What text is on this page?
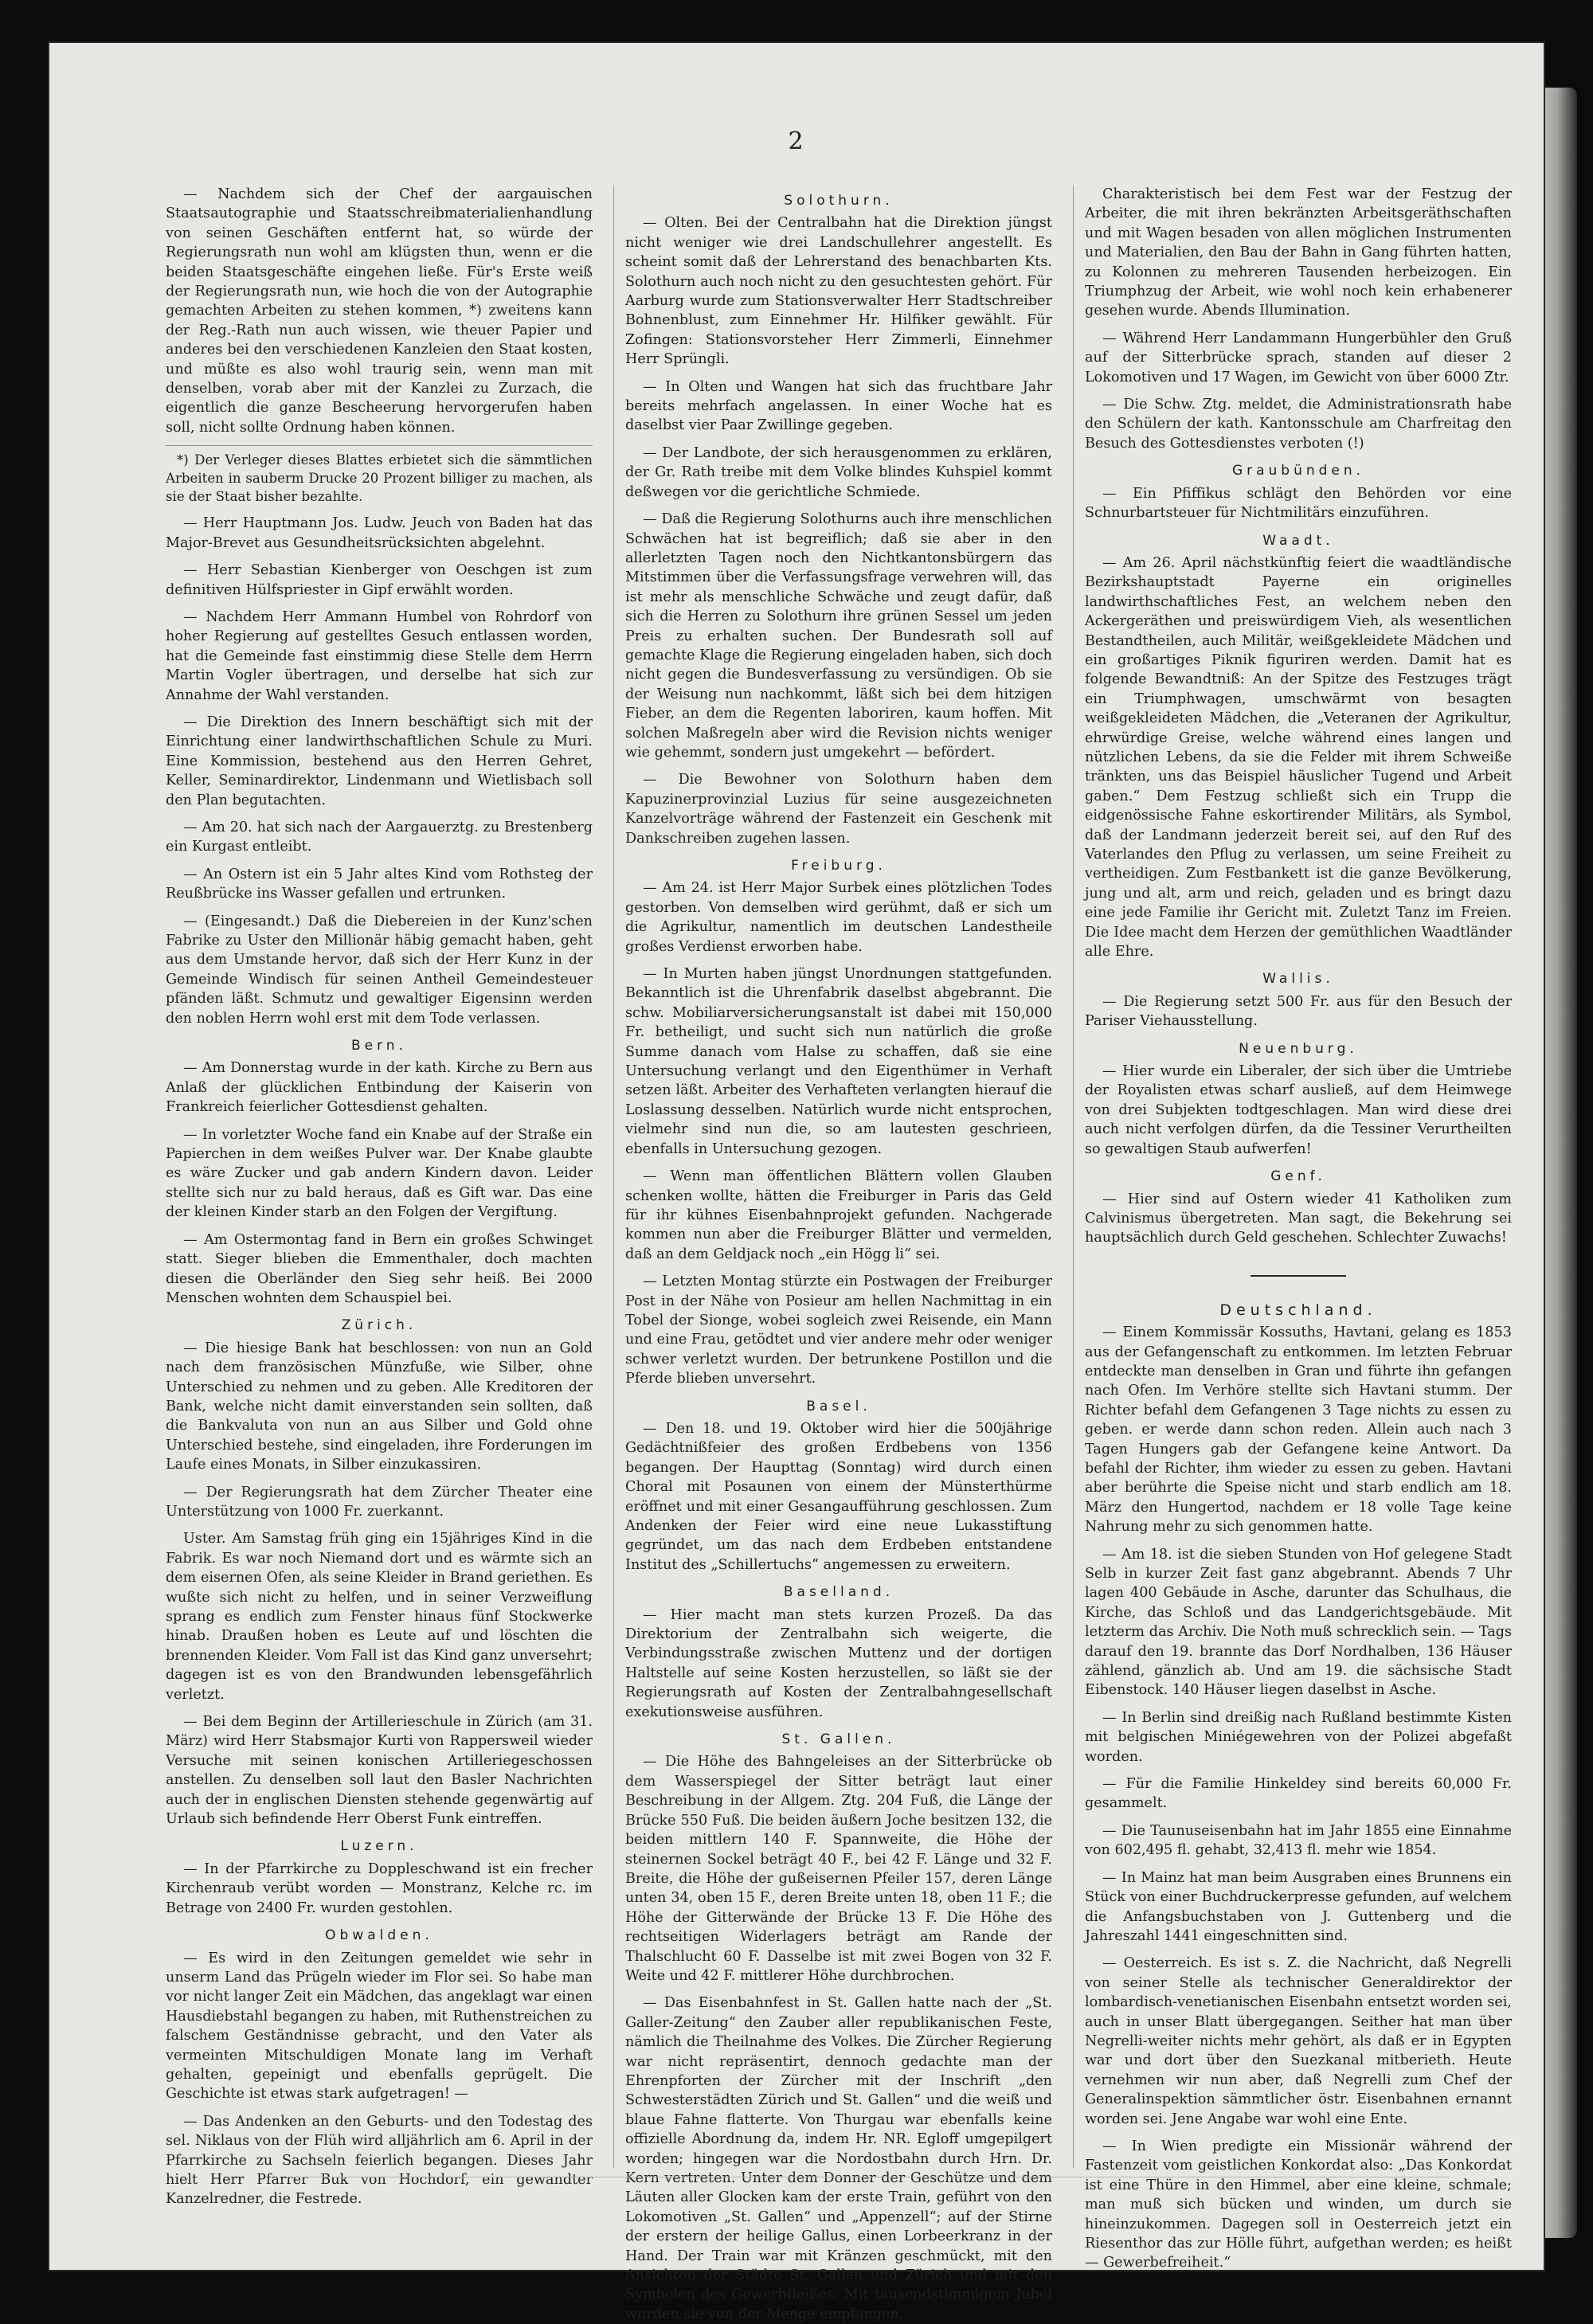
2

— Nachdem sich der Chef der aargauischen Staatsautographie und Staatsschreibmaterialienhandlung von seinen Geschäften entfernt hat, so würde der Regierungsrath nun wohl am klügsten thun, wenn er die beiden Staatsgeschäfte eingehen ließe. Für's Erste weiß der Regierungsrath nun, wie hoch die von der Autographie gemachten Arbeiten zu stehen kommen, *) zweitens kann der Reg.-Rath nun auch wissen, wie theuer Papier und anderes bei den verschiedenen Kanzleien den Staat kosten, und müßte es also wohl traurig sein, wenn man mit denselben, vorab aber mit der Kanzlei zu Zurzach, die eigentlich die ganze Bescheerung hervorgerufen haben soll, nicht sollte Ordnung haben können.

*) Der Verleger dieses Blattes erbietet sich die sämmtlichen Arbeiten in sauberm Drucke 20 Prozent billiger zu machen, als sie der Staat bisher bezahlte.

— Herr Hauptmann Jos. Ludw. Jeuch von Baden hat das Major-Brevet aus Gesundheitsrücksichten abgelehnt.

— Herr Sebastian Kienberger von Oeschgen ist zum definitiven Hülfspriester in Gipf erwählt worden.

— Nachdem Herr Ammann Humbel von Rohrdorf von hoher Regierung auf gestelltes Gesuch entlassen worden, hat die Gemeinde fast einstimmig diese Stelle dem Herrn Martin Vogler übertragen, und derselbe hat sich zur Annahme der Wahl verstanden.

— Die Direktion des Innern beschäftigt sich mit der Einrichtung einer landwirthschaftlichen Schule zu Muri. Eine Kommission, bestehend aus den Herren Gehret, Keller, Seminardirektor, Lindenmann und Wietlisbach soll den Plan begutachten.

— Am 20. hat sich nach der Aargauerztg. zu Brestenberg ein Kurgast entleibt.

— An Ostern ist ein 5 Jahr altes Kind vom Rothsteg der Reußbrücke ins Wasser gefallen und ertrunken.

— (Eingesandt.) Daß die Diebereien in der Kunz'schen Fabrike zu Uster den Millionär häbig gemacht haben, geht aus dem Umstande hervor, daß sich der Herr Kunz in der Gemeinde Windisch für seinen Antheil Gemeindesteuer pfänden läßt. Schmutz und gewaltiger Eigensinn werden den noblen Herrn wohl erst mit dem Tode verlassen.

Bern.

— Am Donnerstag wurde in der kath. Kirche zu Bern aus Anlaß der glücklichen Entbindung der Kaiserin von Frankreich feierlicher Gottesdienst gehalten.

— In vorletzter Woche fand ein Knabe auf der Straße ein Papierchen in dem weißes Pulver war. Der Knabe glaubte es wäre Zucker und gab andern Kindern davon. Leider stellte sich nur zu bald heraus, daß es Gift war. Das eine der kleinen Kinder starb an den Folgen der Vergiftung.

— Am Ostermontag fand in Bern ein großes Schwinget statt. Sieger blieben die Emmenthaler, doch machten diesen die Oberländer den Sieg sehr heiß. Bei 2000 Menschen wohnten dem Schauspiel bei.

Zürich.

— Die hiesige Bank hat beschlossen: von nun an Gold nach dem französischen Münzfuße, wie Silber, ohne Unterschied zu nehmen und zu geben. Alle Kreditoren der Bank, welche nicht damit einverstanden sein sollten, daß die Bankvaluta von nun an aus Silber und Gold ohne Unterschied bestehe, sind eingeladen, ihre Forderungen im Laufe eines Monats, in Silber einzukassiren.

— Der Regierungsrath hat dem Zürcher Theater eine Unterstützung von 1000 Fr. zuerkannt.

Uster. Am Samstag früh ging ein 15jähriges Kind in die Fabrik. Es war noch Niemand dort und es wärmte sich an dem eisernen Ofen, als seine Kleider in Brand geriethen. Es wußte sich nicht zu helfen, und in seiner Verzweiflung sprang es endlich zum Fenster hinaus fünf Stockwerke hinab. Draußen hoben es Leute auf und löschten die brennenden Kleider. Vom Fall ist das Kind ganz unversehrt; dagegen ist es von den Brandwunden lebensgefährlich verletzt.

— Bei dem Beginn der Artillerieschule in Zürich (am 31. März) wird Herr Stabsmajor Kurti von Rappersweil wieder Versuche mit seinen konischen Artilleriegeschossen anstellen. Zu denselben soll laut den Basler Nachrichten auch der in englischen Diensten stehende gegenwärtig auf Urlaub sich befindende Herr Oberst Funk eintreffen.

Luzern.

— In der Pfarrkirche zu Doppleschwand ist ein frecher Kirchenraub verübt worden — Monstranz, Kelche rc. im Betrage von 2400 Fr. wurden gestohlen.

Obwalden.

— Es wird in den Zeitungen gemeldet wie sehr in unserm Land das Prügeln wieder im Flor sei. So habe man vor nicht langer Zeit ein Mädchen, das angeklagt war einen Hausdiebstahl begangen zu haben, mit Ruthenstreichen zu falschem Geständnisse gebracht, und den Vater als vermeinten Mitschuldigen Monate lang im Verhaft gehalten, gepeinigt und ebenfalls geprügelt. Die Geschichte ist etwas stark aufgetragen! —

— Das Andenken an den Geburts- und den Todestag des sel. Niklaus von der Flüh wird alljährlich am 6. April in der Pfarrkirche zu Sachseln feierlich begangen. Dieses Jahr hielt Herr Pfarrer Buk von Hochdorf, ein gewandter Kanzelredner, die Festrede.

Solothurn.

— Olten. Bei der Centralbahn hat die Direktion jüngst nicht weniger wie drei Landschullehrer angestellt. Es scheint somit daß der Lehrerstand des benachbarten Kts. Solothurn auch noch nicht zu den gesuchtesten gehört. Für Aarburg wurde zum Stationsverwalter Herr Stadtschreiber Bohnenblust, zum Einnehmer Hr. Hilfiker gewählt. Für Zofingen: Stationsvorsteher Herr Zimmerli, Einnehmer Herr Sprüngli.

— In Olten und Wangen hat sich das fruchtbare Jahr bereits mehrfach angelassen. In einer Woche hat es daselbst vier Paar Zwillinge gegeben.

— Der Landbote, der sich herausgenommen zu erklären, der Gr. Rath treibe mit dem Volke blindes Kuhspiel kommt deßwegen vor die gerichtliche Schmiede.

— Daß die Regierung Solothurns auch ihre menschlichen Schwächen hat ist begreiflich; daß sie aber in den allerletzten Tagen noch den Nichtkantonsbürgern das Mitstimmen über die Verfassungsfrage verwehren will, das ist mehr als menschliche Schwäche und zeugt dafür, daß sich die Herren zu Solothurn ihre grünen Sessel um jeden Preis zu erhalten suchen. Der Bundesrath soll auf gemachte Klage die Regierung eingeladen haben, sich doch nicht gegen die Bundesverfassung zu versündigen. Ob sie der Weisung nun nachkommt, läßt sich bei dem hitzigen Fieber, an dem die Regenten laboriren, kaum hoffen. Mit solchen Maßregeln aber wird die Revision nichts weniger wie gehemmt, sondern just umgekehrt — befördert.

— Die Bewohner von Solothurn haben dem Kapuzinerprovinzial Luzius für seine ausgezeichneten Kanzelvorträge während der Fastenzeit ein Geschenk mit Dankschreiben zugehen lassen.

Freiburg.

— Am 24. ist Herr Major Surbek eines plötzlichen Todes gestorben. Von demselben wird gerühmt, daß er sich um die Agrikultur, namentlich im deutschen Landestheile großes Verdienst erworben habe.

— In Murten haben jüngst Unordnungen stattgefunden. Bekanntlich ist die Uhrenfabrik daselbst abgebrannt. Die schw. Mobiliarversicherungsanstalt ist dabei mit 150,000 Fr. betheiligt, und sucht sich nun natürlich die große Summe danach vom Halse zu schaffen, daß sie eine Untersuchung verlangt und den Eigenthümer in Verhaft setzen läßt. Arbeiter des Verhafteten verlangten hierauf die Loslassung desselben. Natürlich wurde nicht entsprochen, vielmehr sind nun die, so am lautesten geschrieen, ebenfalls in Untersuchung gezogen.

— Wenn man öffentlichen Blättern vollen Glauben schenken wollte, hätten die Freiburger in Paris das Geld für ihr kühnes Eisenbahnprojekt gefunden. Nachgerade kommen nun aber die Freiburger Blätter und vermelden, daß an dem Geldjack noch „ein Högg li“ sei.

— Letzten Montag stürzte ein Postwagen der Freiburger Post in der Nähe von Posieur am hellen Nachmittag in ein Tobel der Sionge, wobei sogleich zwei Reisende, ein Mann und eine Frau, getödtet und vier andere mehr oder weniger schwer verletzt wurden. Der betrunkene Postillon und die Pferde blieben unversehrt.

Basel.

— Den 18. und 19. Oktober wird hier die 500jährige Gedächtnißfeier des großen Erdbebens von 1356 begangen. Der Haupttag (Sonntag) wird durch einen Choral mit Posaunen von einem der Münsterthürme eröffnet und mit einer Gesangaufführung geschlossen. Zum Andenken der Feier wird eine neue Lukasstiftung gegründet, um das nach dem Erdbeben entstandene Institut des „Schillertuchs“ angemessen zu erweitern.

Baselland.

— Hier macht man stets kurzen Prozeß. Da das Direktorium der Zentralbahn sich weigerte, die Verbindungsstraße zwischen Muttenz und der dortigen Haltstelle auf seine Kosten herzustellen, so läßt sie der Regierungsrath auf Kosten der Zentralbahngesellschaft exekutionsweise ausführen.

St. Gallen.

— Die Höhe des Bahngeleises an der Sitterbrücke ob dem Wasserspiegel der Sitter beträgt laut einer Beschreibung in der Allgem. Ztg. 204 Fuß, die Länge der Brücke 550 Fuß. Die beiden äußern Joche besitzen 132, die beiden mittlern 140 F. Spannweite, die Höhe der steinernen Sockel beträgt 40 F., bei 42 F. Länge und 32 F. Breite, die Höhe der gußeisernen Pfeiler 157, deren Länge unten 34, oben 15 F., deren Breite unten 18, oben 11 F.; die Höhe der Gitterwände der Brücke 13 F. Die Höhe des rechtseitigen Widerlagers beträgt am Rande der Thalschlucht 60 F. Dasselbe ist mit zwei Bogen von 32 F. Weite und 42 F. mittlerer Höhe durchbrochen.

— Das Eisenbahnfest in St. Gallen hatte nach der „St. Galler-Zeitung“ den Zauber aller republikanischen Feste, nämlich die Theilnahme des Volkes. Die Zürcher Regierung war nicht repräsentirt, dennoch gedachte man der Ehrenpforten der Zürcher mit der Inschrift „den Schwesterstädten Zürich und St. Gallen“ und die weiß und blaue Fahne flatterte. Von Thurgau war ebenfalls keine offizielle Abordnung da, indem Hr. NR. Egloff umgepilgert worden; hingegen war die Nordostbahn durch Hrn. Dr. Kern vertreten. Unter dem Donner der Geschütze und dem Läuten aller Glocken kam der erste Train, geführt von den Lokomotiven „St. Gallen“ und „Appenzell“; auf der Stirne der erstern der heilige Gallus, einen Lorbeerkranz in der Hand. Der Train war mit Kränzen geschmückt, mit den Ansichten der Städte St. Gallen und Zürich und mit den Symbolen des Gewerbfleißes. Mit tausendstimmigem Jubel wurden sie von der Menge empfangen.

Charakteristisch bei dem Fest war der Festzug der Arbeiter, die mit ihren bekränzten Arbeitsgeräthschaften und mit Wagen besaden von allen möglichen Instrumenten und Materialien, den Bau der Bahn in Gang führten hatten, zu Kolonnen zu mehreren Tausenden herbeizogen. Ein Triumphzug der Arbeit, wie wohl noch kein erhabenerer gesehen wurde. Abends Illumination.

— Während Herr Landammann Hungerbühler den Gruß auf der Sitterbrücke sprach, standen auf dieser 2 Lokomotiven und 17 Wagen, im Gewicht von über 6000 Ztr.

— Die Schw. Ztg. meldet, die Administrationsrath habe den Schülern der kath. Kantonsschule am Charfreitag den Besuch des Gottesdienstes verboten (!)

Graubünden.

— Ein Pfiffikus schlägt den Behörden vor eine Schnurbartsteuer für Nichtmilitärs einzuführen.

Waadt.

— Am 26. April nächstkünftig feiert die waadtländische Bezirkshauptstadt Payerne ein originelles landwirthschaftliches Fest, an welchem neben den Ackergeräthen und preiswürdigem Vieh, als wesentlichen Bestandtheilen, auch Militär, weißgekleidete Mädchen und ein großartiges Piknik figuriren werden. Damit hat es folgende Bewandtniß: An der Spitze des Festzuges trägt ein Triumphwagen, umschwärmt von besagten weißgekleideten Mädchen, die „Veteranen der Agrikultur, ehrwürdige Greise, welche während eines langen und nützlichen Lebens, da sie die Felder mit ihrem Schweiße tränkten, uns das Beispiel häuslicher Tugend und Arbeit gaben.“ Dem Festzug schließt sich ein Trupp die eidgenössische Fahne eskortirender Militärs, als Symbol, daß der Landmann jederzeit bereit sei, auf den Ruf des Vaterlandes den Pflug zu verlassen, um seine Freiheit zu vertheidigen. Zum Festbankett ist die ganze Bevölkerung, jung und alt, arm und reich, geladen und es bringt dazu eine jede Familie ihr Gericht mit. Zuletzt Tanz im Freien. Die Idee macht dem Herzen der gemüthlichen Waadtländer alle Ehre.

Wallis.

— Die Regierung setzt 500 Fr. aus für den Besuch der Pariser Viehausstellung.

Neuenburg.

— Hier wurde ein Liberaler, der sich über die Umtriebe der Royalisten etwas scharf ausließ, auf dem Heimwege von drei Subjekten todtgeschlagen. Man wird diese drei auch nicht verfolgen dürfen, da die Tessiner Verurtheilten so gewaltigen Staub aufwerfen!

Genf.

— Hier sind auf Ostern wieder 41 Katholiken zum Calvinismus übergetreten. Man sagt, die Bekehrung sei hauptsächlich durch Geld geschehen. Schlechter Zuwachs!

Deutschland.

— Einem Kommissär Kossuths, Havtani, gelang es 1853 aus der Gefangenschaft zu entkommen. Im letzten Februar entdeckte man denselben in Gran und führte ihn gefangen nach Ofen. Im Verhöre stellte sich Havtani stumm. Der Richter befahl dem Gefangenen 3 Tage nichts zu essen zu geben. er werde dann schon reden. Allein auch nach 3 Tagen Hungers gab der Gefangene keine Antwort. Da befahl der Richter, ihm wieder zu essen zu geben. Havtani aber berührte die Speise nicht und starb endlich am 18. März den Hungertod, nachdem er 18 volle Tage keine Nahrung mehr zu sich genommen hatte.

— Am 18. ist die sieben Stunden von Hof gelegene Stadt Selb in kurzer Zeit fast ganz abgebrannt. Abends 7 Uhr lagen 400 Gebäude in Asche, darunter das Schulhaus, die Kirche, das Schloß und das Landgerichtsgebäude. Mit letzterm das Archiv. Die Noth muß schrecklich sein. — Tags darauf den 19. brannte das Dorf Nordhalben, 136 Häuser zählend, gänzlich ab. Und am 19. die sächsische Stadt Eibenstock. 140 Häuser liegen daselbst in Asche.

— In Berlin sind dreißig nach Rußland bestimmte Kisten mit belgischen Miniégewehren von der Polizei abgefaßt worden.

— Für die Familie Hinkeldey sind bereits 60,000 Fr. gesammelt.

— Die Taunuseisenbahn hat im Jahr 1855 eine Einnahme von 602,495 fl. gehabt, 32,413 fl. mehr wie 1854.

— In Mainz hat man beim Ausgraben eines Brunnens ein Stück von einer Buchdruckerpresse gefunden, auf welchem die Anfangsbuchstaben von J. Guttenberg und die Jahreszahl 1441 eingeschnitten sind.

— Oesterreich. Es ist s. Z. die Nachricht, daß Negrelli von seiner Stelle als technischer Generaldirektor der lombardisch-venetianischen Eisenbahn entsetzt worden sei, auch in unser Blatt übergegangen. Seither hat man über Negrelli-weiter nichts mehr gehört, als daß er in Egypten war und dort über den Suezkanal mitberieth. Heute vernehmen wir nun aber, daß Negrelli zum Chef der Generalinspektion sämmtlicher östr. Eisenbahnen ernannt worden sei. Jene Angabe war wohl eine Ente.

— In Wien predigte ein Missionär während der Fastenzeit vom geistlichen Konkordat also: „Das Konkordat ist eine Thüre in den Himmel, aber eine kleine, schmale; man muß sich bücken und winden, um durch sie hineinzukommen. Dagegen soll in Oesterreich jetzt ein Riesenthor das zur Hölle führt, aufgethan werden; es heißt — Gewerbefreiheit.“
